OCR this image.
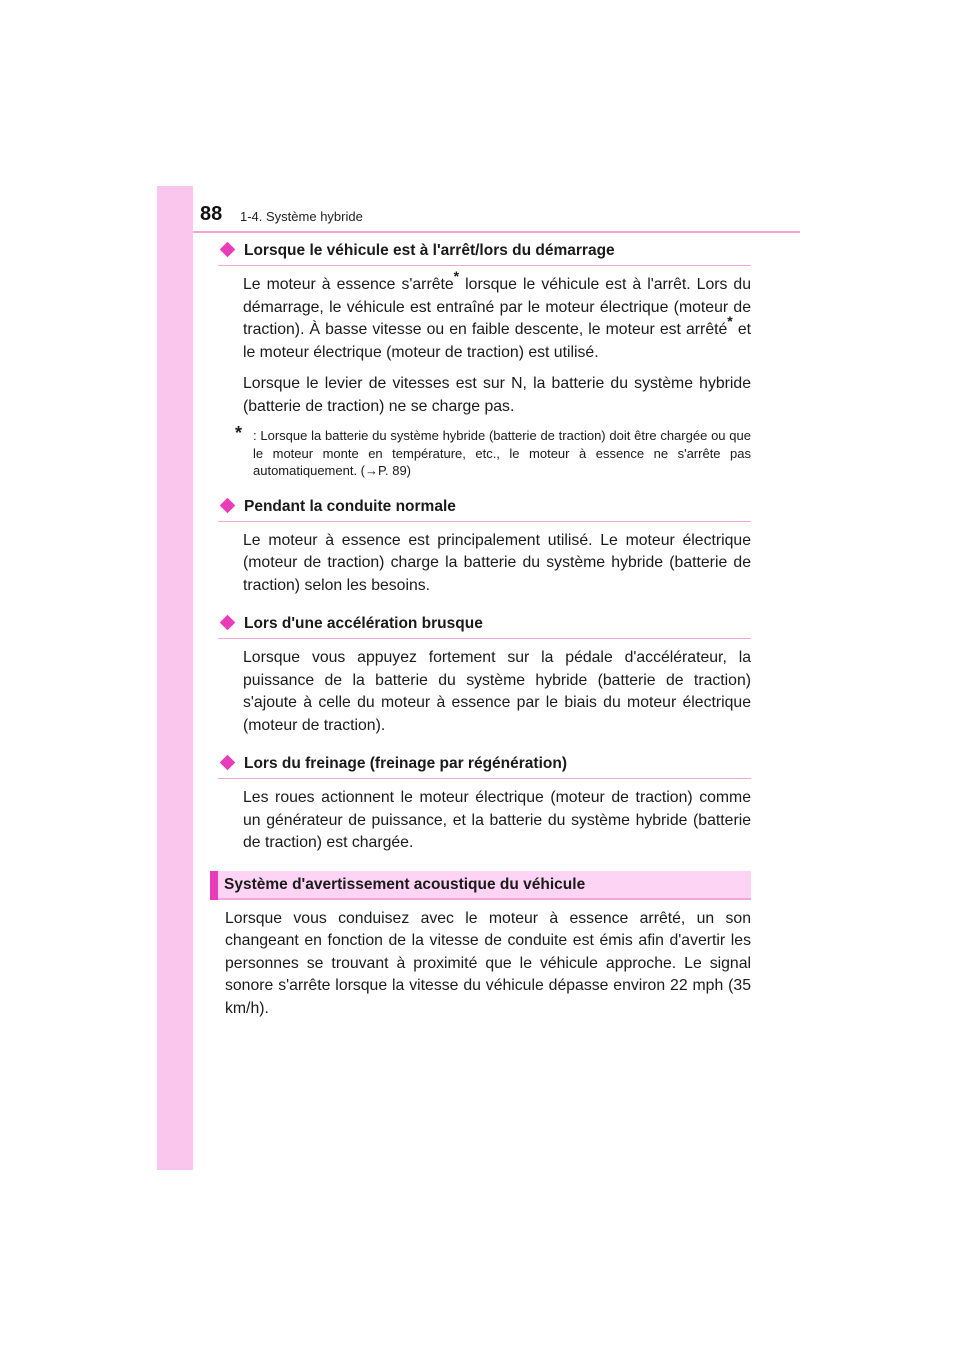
88 1-4. Système hybride
Lorsque le véhicule est à l'arrêt/lors du démarrage

Le moteur à essence s'arrête* lorsque le véhicule est à l'arrêt. Lors du démarrage, le véhicule est entraîné par le moteur électrique (moteur de traction). À basse vitesse ou en faible descente, le moteur est arrêté* et le moteur électrique (moteur de traction) est utilisé.

Lorsque le levier de vitesses est sur N, la batterie du système hybride (batterie de traction) ne se charge pas.

* : Lorsque la batterie du système hybride (batterie de traction) doit être chargée ou que le moteur monte en température, etc., le moteur à essence ne s'arrête pas automatiquement. (→P. 89)
Pendant la conduite normale

Le moteur à essence est principalement utilisé. Le moteur électrique (moteur de traction) charge la batterie du système hybride (batterie de traction) selon les besoins.

Lors d'une accélération brusque

Lorsque vous appuyez fortement sur la pédale d'accélérateur, la puissance de la batterie du système hybride (batterie de traction) s'ajoute à celle du moteur à essence par le biais du moteur électrique (moteur de traction).

Lors du freinage (freinage par régénération)

Les roues actionnent le moteur électrique (moteur de traction) comme un générateur de puissance, et la batterie du système hybride (batterie de traction) est chargée.

Système d'avertissement acoustique du véhicule

Lorsque vous conduisez avec le moteur à essence arrêté, un son changeant en fonction de la vitesse de conduite est émis afin d'avertir les personnes se trouvant à proximité que le véhicule approche. Le signal sonore s'arrête lorsque la vitesse du véhicule dépasse environ 22 mph (35 km/h).
